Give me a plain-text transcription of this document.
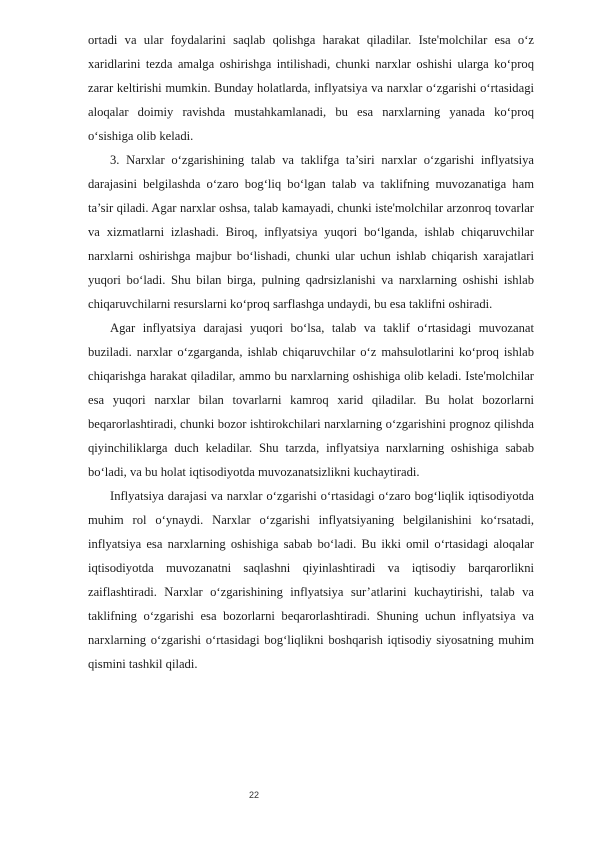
ortadi va ular foydalarini saqlab qolishga harakat qiladilar. Iste'molchilar esa o‘z xaridlarini tezda amalga oshirishga intilishadi, chunki narxlar oshishi ularga ko‘proq zarar keltirishi mumkin. Bunday holatlarda, inflyatsiya va narxlar o‘zgarishi o‘rtasidagi aloqalar doimiy ravishda mustahkamlanadi, bu esa narxlarning yanada ko‘proq o‘sishiga olib keladi.

3. Narxlar o‘zgarishining talab va taklifga ta’siri narxlar o‘zgarishi inflyatsiya darajasini belgilashda o‘zaro bog‘liq bo‘lgan talab va taklifning muvozanatiga ham ta’sir qiladi. Agar narxlar oshsa, talab kamayadi, chunki iste'molchilar arzonroq tovarlar va xizmatlarni izlashadi. Biroq, inflyatsiya yuqori bo‘lganda, ishlab chiqaruvchilar narxlarni oshirishga majbur bo‘lishadi, chunki ular uchun ishlab chiqarish xarajatlari yuqori bo‘ladi. Shu bilan birga, pulning qadrsizlanishi va narxlarning oshishi ishlab chiqaruvchilarni resurslarni ko‘proq sarflashga undaydi, bu esa taklifni oshiradi.

Agar inflyatsiya darajasi yuqori bo‘lsa, talab va taklif o‘rtasidagi muvozanat buziladi. narxlar o‘zgarganda, ishlab chiqaruvchilar o‘z mahsulotlarini ko‘proq ishlab chiqarishga harakat qiladilar, ammo bu narxlarning oshishiga olib keladi. Iste'molchilar esa yuqori narxlar bilan tovarlarni kamroq xarid qiladilar. Bu holat bozorlarni beqarorlashtiradi, chunki bozor ishtirokchilari narxlarning o‘zgarishini prognoz qilishda qiyinchiliklarga duch keladilar. Shu tarzda, inflyatsiya narxlarning oshishiga sabab bo‘ladi, va bu holat iqtisodiyotda muvozanatsizlikni kuchaytiradi.

Inflyatsiya darajasi va narxlar o‘zgarishi o‘rtasidagi o‘zaro bog‘liqlik iqtisodiyotda muhim rol o‘ynaydi. Narxlar o‘zgarishi inflyatsiyaning belgilanishini ko‘rsatadi, inflyatsiya esa narxlarning oshishiga sabab bo‘ladi. Bu ikki omil o‘rtasidagi aloqalar iqtisodiyotda muvozanatni saqlashni qiyinlashtiradi va iqtisodiy barqarorlikni zaiflashtiradi. Narxlar o‘zgarishining inflyatsiya sur’atlarini kuchaytirishi, talab va taklifning o‘zgarishi esa bozorlarni beqarorlashtiradi. Shuning uchun inflyatsiya va narxlarning o‘zgarishi o‘rtasidagi bog‘liqlikni boshqarish iqtisodiy siyosatning muhim qismini tashkil qiladi.

22
